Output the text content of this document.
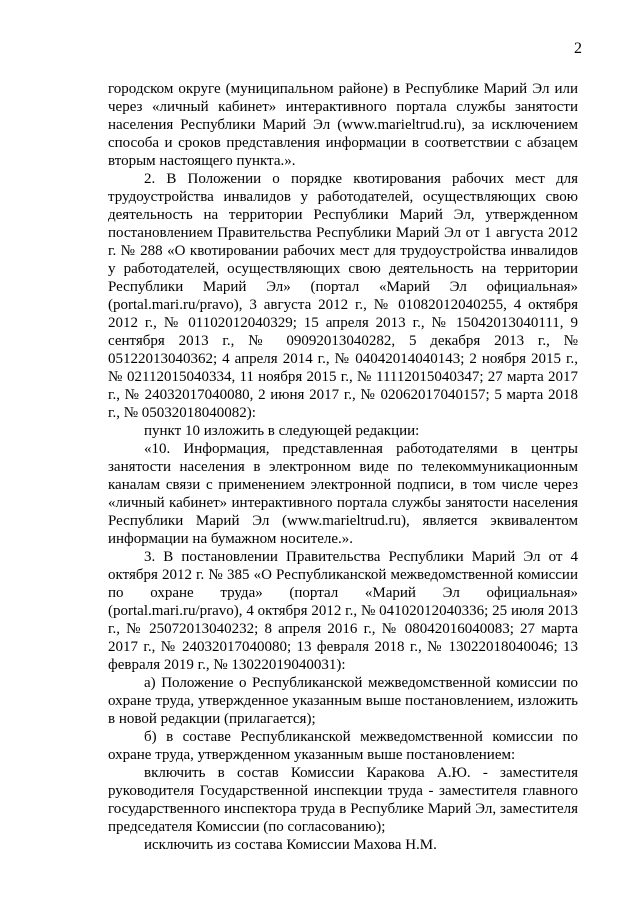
2

городском округе (муниципальном районе) в Республике Марий Эл или через «личный кабинет» интерактивного портала службы занятости населения Республики Марий Эл (www.marieltrud.ru), за исключением способа и сроков представления информации в соответствии с абзацем вторым настоящего пункта.».

2. В Положении о порядке квотирования рабочих мест для трудоустройства инвалидов у работодателей, осуществляющих свою деятельность на территории Республики Марий Эл, утвержденном постановлением Правительства Республики Марий Эл от 1 августа 2012 г. № 288 «О квотировании рабочих мест для трудоустройства инвалидов у работодателей, осуществляющих свою деятельность на территории Республики Марий Эл» (портал «Марий Эл официальная» (portal.mari.ru/pravo), 3 августа 2012 г., № 01082012040255, 4 октября 2012 г., № 01102012040329; 15 апреля 2013 г., № 15042013040111, 9 сентября 2013 г., № 09092013040282, 5 декабря 2013 г., № 05122013040362; 4 апреля 2014 г., № 04042014040143; 2 ноября 2015 г., № 02112015040334, 11 ноября 2015 г., № 11112015040347; 27 марта 2017 г., № 24032017040080, 2 июня 2017 г., № 02062017040157; 5 марта 2018 г., № 05032018040082):

пункт 10 изложить в следующей редакции:

«10. Информация, представленная работодателями в центры занятости населения в электронном виде по телекоммуникационным каналам связи с применением электронной подписи, в том числе через «личный кабинет» интерактивного портала службы занятости населения Республики Марий Эл (www.marieltrud.ru), является эквивалентом информации на бумажном носителе.».

3. В постановлении Правительства Республики Марий Эл от 4 октября 2012 г. № 385 «О Республиканской межведомственной комиссии по охране труда» (портал «Марий Эл официальная» (portal.mari.ru/pravo), 4 октября 2012 г., № 04102012040336; 25 июля 2013 г., № 25072013040232; 8 апреля 2016 г., № 08042016040083; 27 марта 2017 г., № 24032017040080; 13 февраля 2018 г., № 13022018040046; 13 февраля 2019 г., № 13022019040031):

а) Положение о Республиканской межведомственной комиссии по охране труда, утвержденное указанным выше постановлением, изложить в новой редакции (прилагается);

б) в составе Республиканской межведомственной комиссии по охране труда, утвержденном указанным выше постановлением:

включить в состав Комиссии Каракова А.Ю. - заместителя руководителя Государственной инспекции труда - заместителя главного государственного инспектора труда в Республике Марий Эл, заместителя председателя Комиссии (по согласованию);

исключить из состава Комиссии Махова Н.М.
